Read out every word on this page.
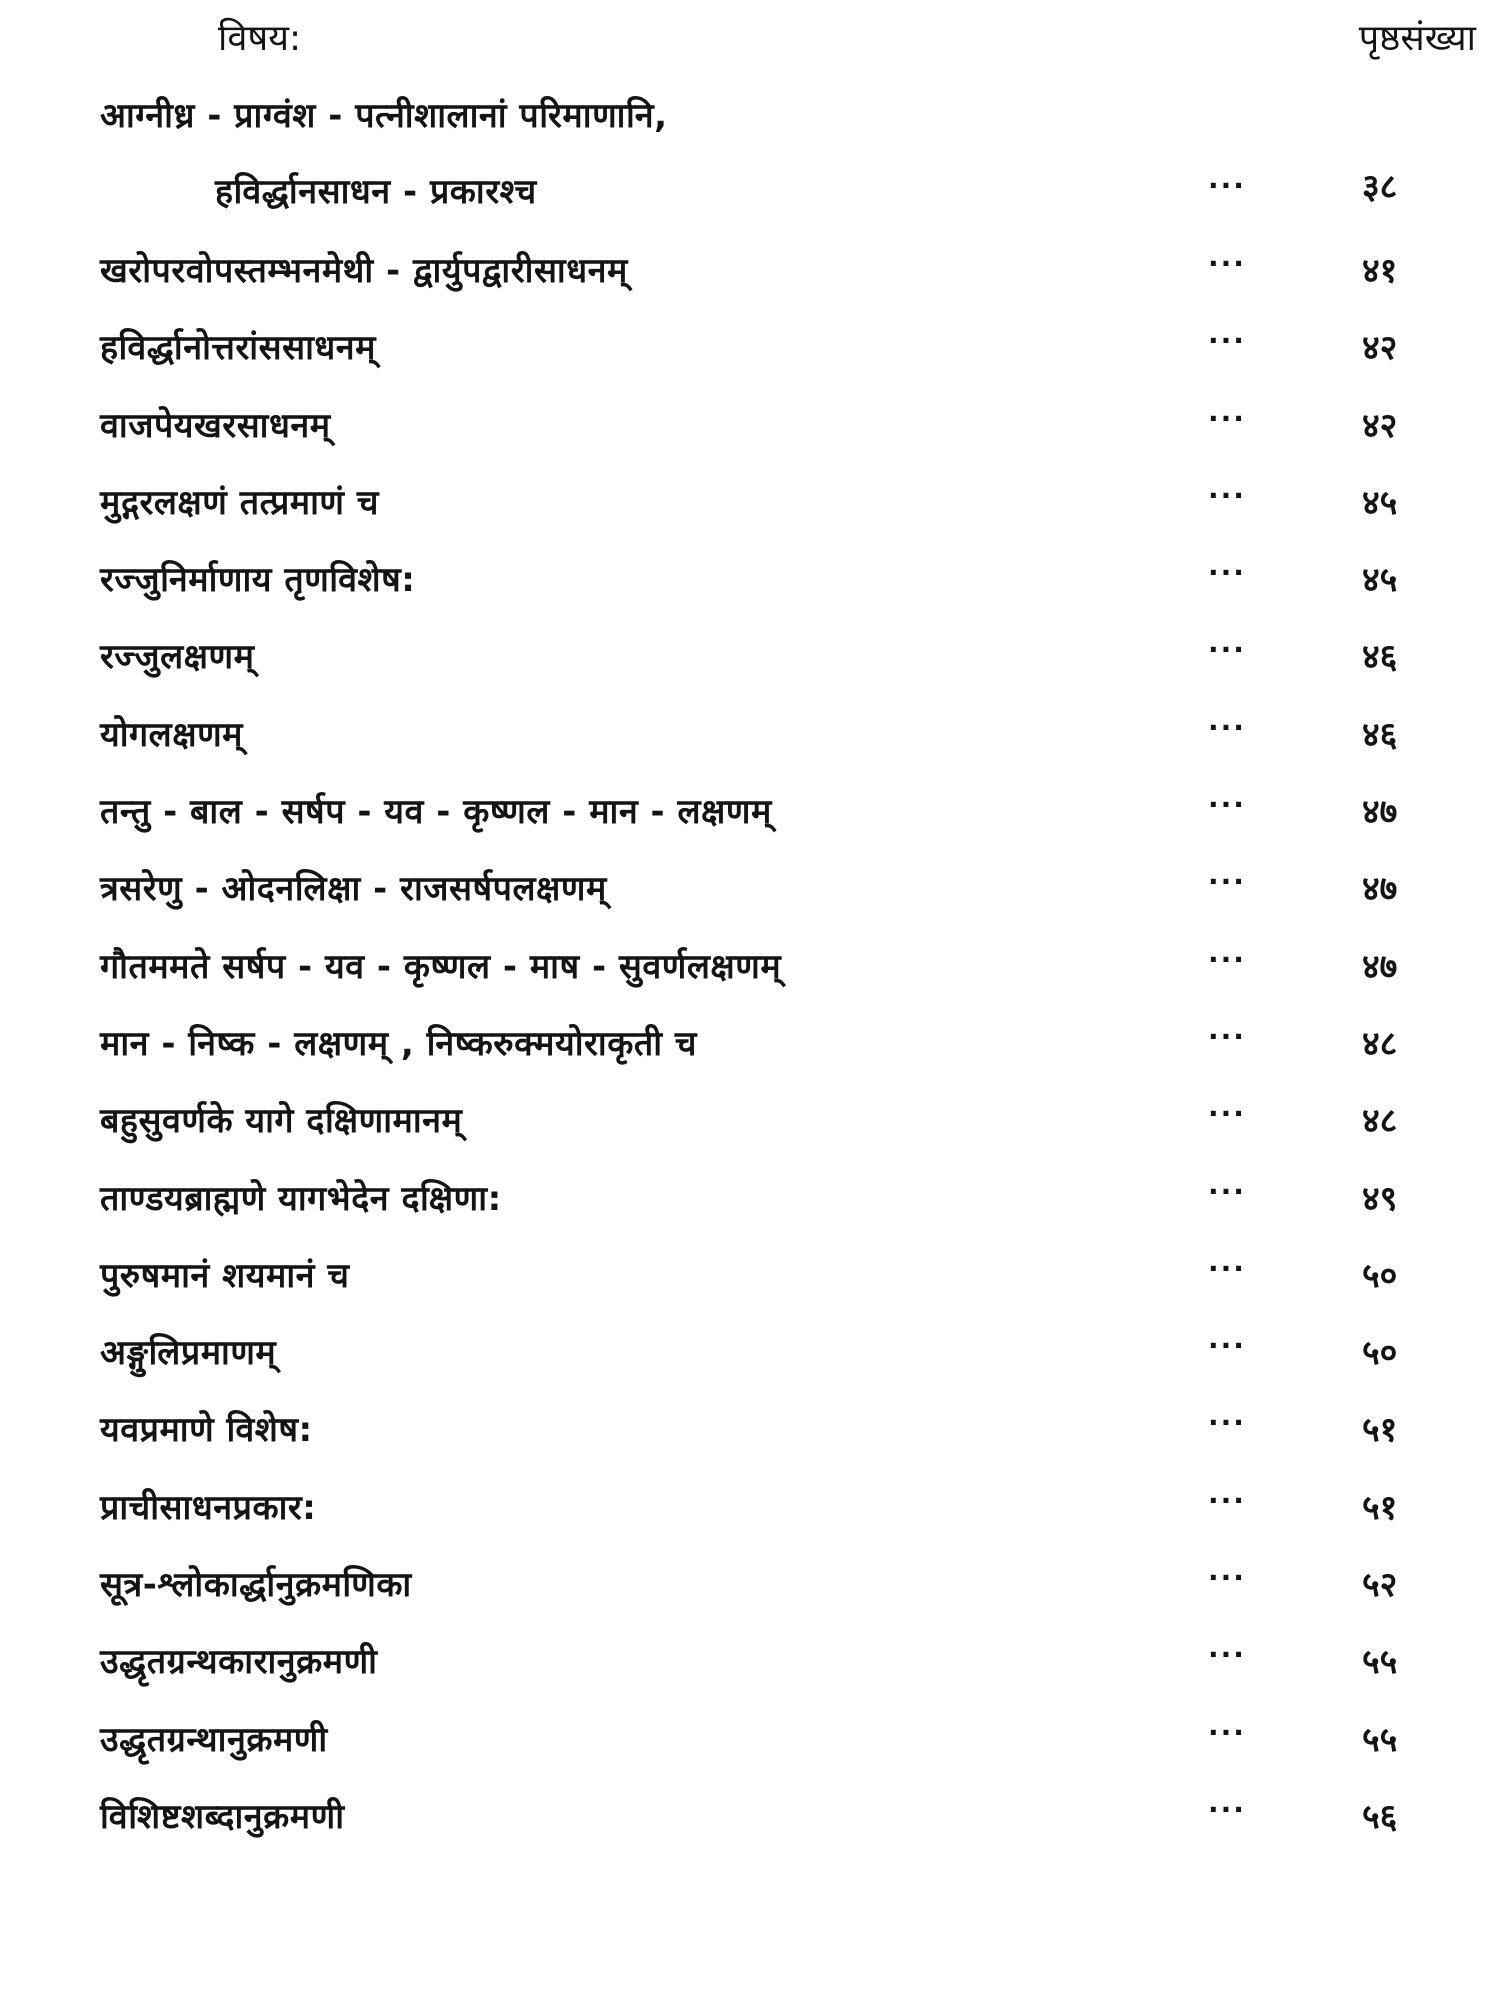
विषय:	पृष्ठसंख्या
आग्नीध्र - प्राग्वंश - पत्नीशालानां परिमाणानि,
हविर्द्धानसाधन - प्रकारश्च	...	३८
खरोपरवोपस्तम्भनमेथी - द्वार्युपद्वारीसाधनम्	...	४१
हविर्द्धानोत्तरांससाधनम्	...	४२
वाजपेयखरसाधनम्	...	४२
मुद्गरलक्षणं तत्प्रमाणं च	...	४५
रज्जुनिर्माणाय तृणविशेष:	...	४५
रज्जुलक्षणम्	...	४६
योगलक्षणम्	...	४६
तन्तु - बाल - सर्षप - यव - कृष्णल - मान - लक्षणम्	...	४७
त्रसरेणु - ओदनलिक्षा - राजसर्षपलक्षणम्	...	४७
गौतममते सर्षप - यव - कृष्णल - माष - सुवर्णलक्षणम्	...	४७
मान - निष्क - लक्षणम् , निष्करुक्मयोराकृती च	...	४८
बहुसुवर्णके यागे दक्षिणामानम्	...	४८
ताण्डयब्राह्मणे यागभेदेन दक्षिणा:	...	४९
पुरुषमानं शयमानं च	...	५०
अङ्गुलिप्रमाणम्	...	५०
यवप्रमाणे विशेष:	...	५१
प्राचीसाधनप्रकार:	...	५१
सूत्र-श्लोकार्द्धानुक्रमणिका	...	५२
उद्धृतग्रन्थकारानुक्रमणी	...	५५
उद्धृतग्रन्थानुक्रमणी	...	५५
विशिष्टशब्दानुक्रमणी	...	५६
